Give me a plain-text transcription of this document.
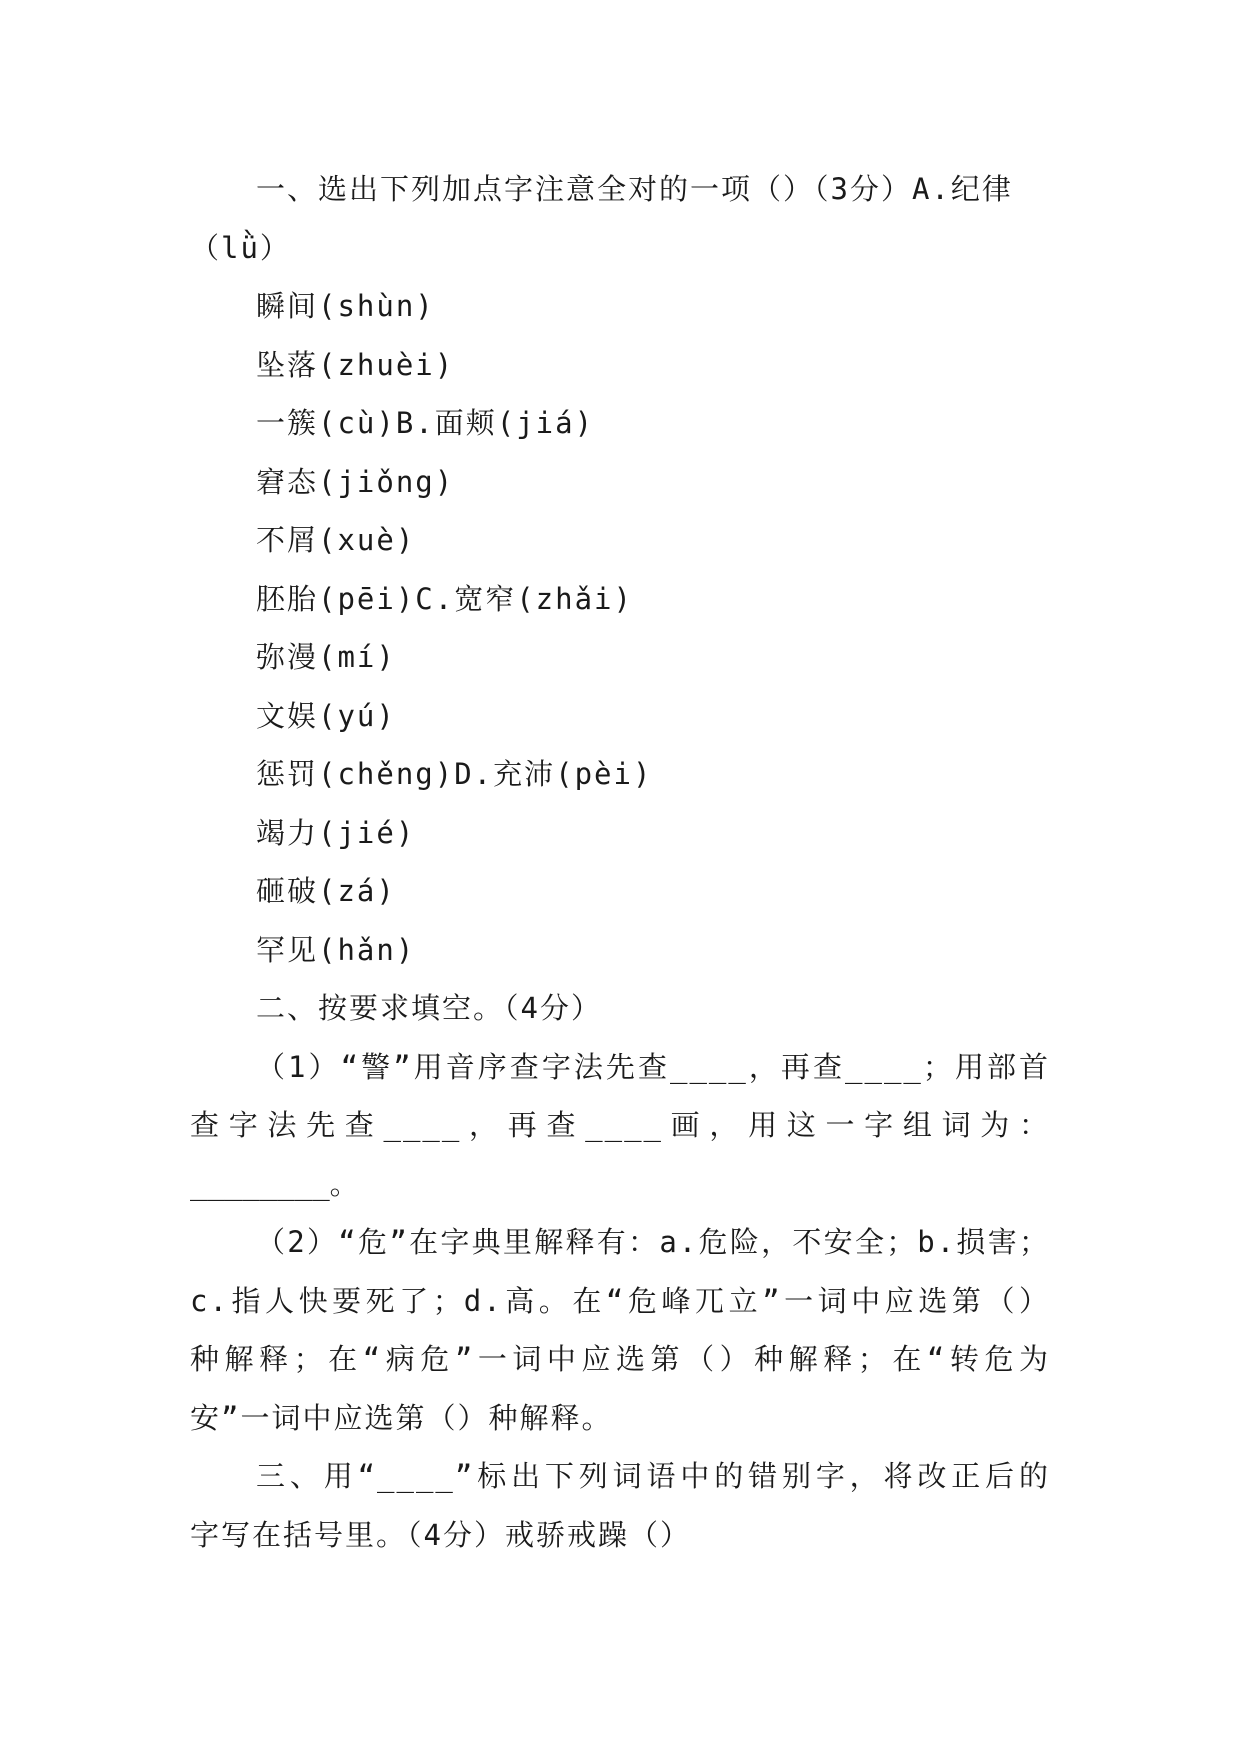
一、选出下列加点字注意全对的一项（）（3分）A.纪律
（lǜ）
瞬间(shùn)
坠落(zhuèi)
一簇(cù)B.面颊(jiá)
窘态(jiǒng)
不屑(xuè)
胚胎(pēi)C.宽窄(zhǎi)
弥漫(mí)
文娱(yú)
惩罚(chěng)D.充沛(pèi)
竭力(jié)
砸破(zá)
罕见(hǎn)
二、按要求填空。（4分）
（1）“警”用音序查字法先查____，再查____；用部首
查字法先查____，再查____画，用这一字组词为：
________。
（2）“危”在字典里解释有：a.危险，不安全；b.损害；
c.指人快要死了；d.高。在“危峰兀立”一词中应选第（）
种解释；在“病危”一词中应选第（）种解释；在“转危为
安”一词中应选第（）种解释。
三、用“____”标出下列词语中的错别字，将改正后的
字写在括号里。（4分）戒骄戒躁（）
